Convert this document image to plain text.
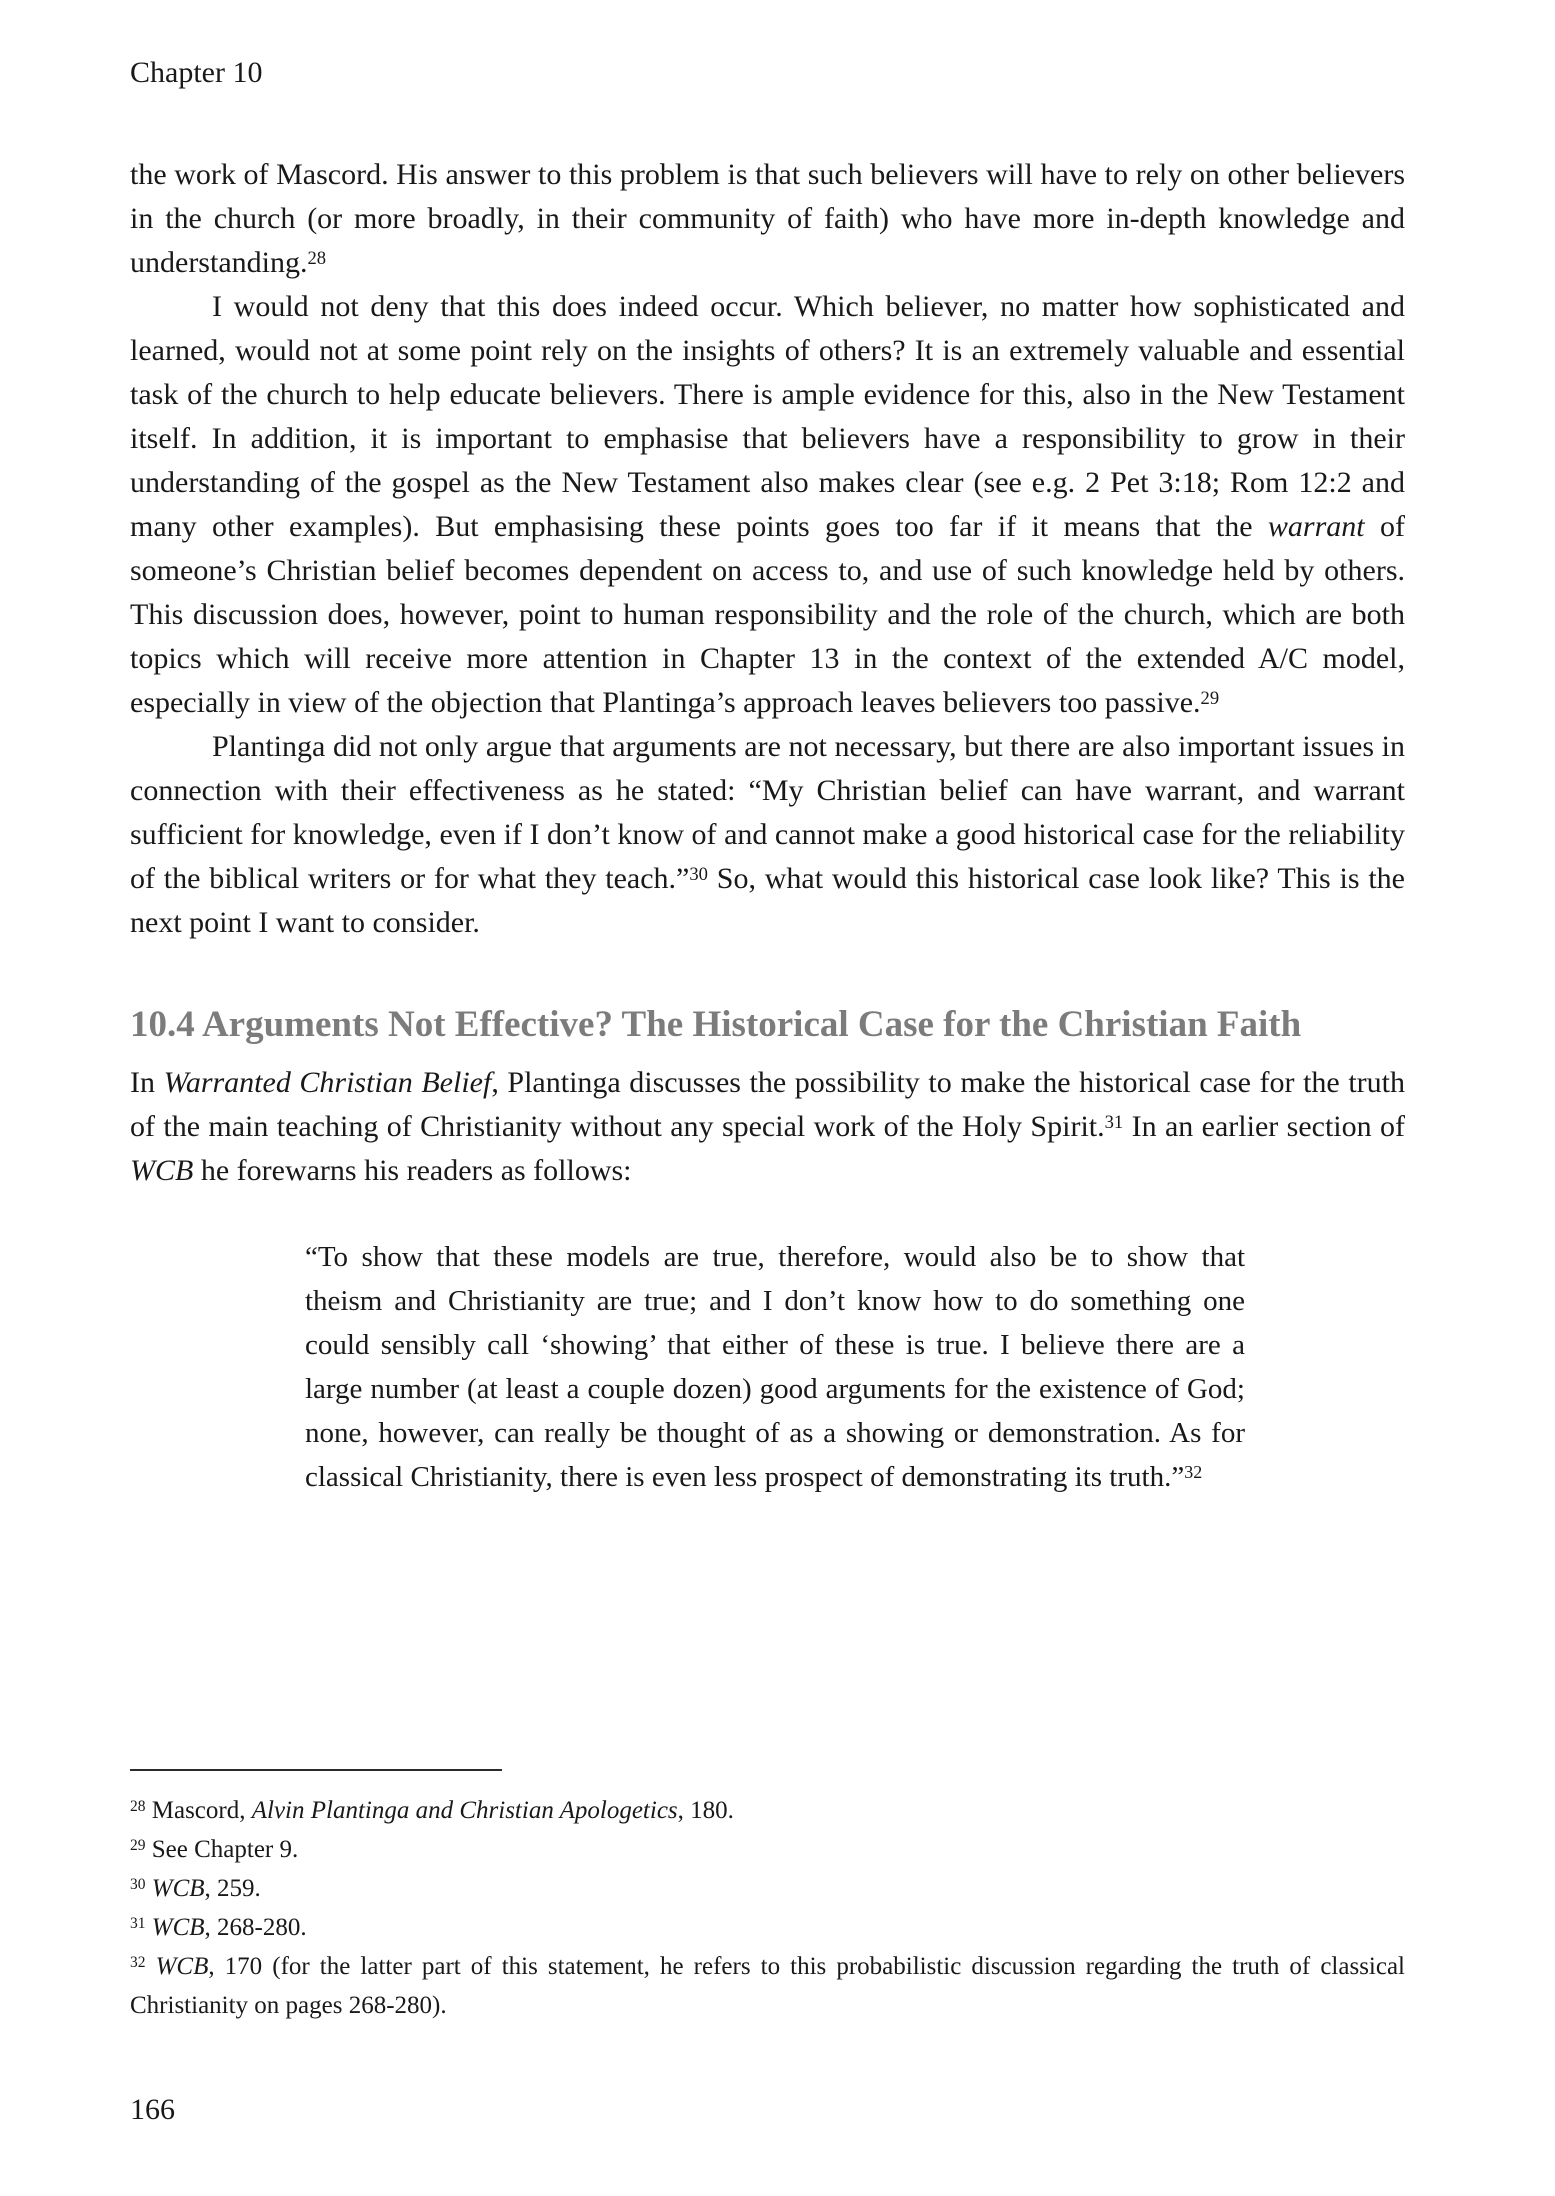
Chapter 10

the work of Mascord. His answer to this problem is that such believers will have to rely on other believers in the church (or more broadly, in their community of faith) who have more in-depth knowledge and understanding.$^{28}$

I would not deny that this does indeed occur. Which believer, no matter how sophisticated and learned, would not at some point rely on the insights of others? It is an extremely valuable and essential task of the church to help educate believers. There is ample evidence for this, also in the New Testament itself. In addition, it is important to emphasise that believers have a responsibility to grow in their understanding of the gospel as the New Testament also makes clear (see e.g. 2 Pet 3:18; Rom 12:2 and many other examples). But emphasising these points goes too far if it means that the warrant of someone’s Christian belief becomes dependent on access to, and use of such knowledge held by others. This discussion does, however, point to human responsibility and the role of the church, which are both topics which will receive more attention in Chapter 13 in the context of the extended A/C model, especially in view of the objection that Plantinga’s approach leaves believers too passive.$^{29}$

Plantinga did not only argue that arguments are not necessary, but there are also important issues in connection with their effectiveness as he stated: “My Christian belief can have warrant, and warrant sufficient for knowledge, even if I don’t know of and cannot make a good historical case for the reliability of the biblical writers or for what they teach.”$^{30}$ So, what would this historical case look like? This is the next point I want to consider.

10.4 Arguments Not Effective? The Historical Case for the Christian Faith

In Warranted Christian Belief, Plantinga discusses the possibility to make the historical case for the truth of the main teaching of Christianity without any special work of the Holy Spirit.$^{31}$ In an earlier section of WCB he forewarns his readers as follows:

“To show that these models are true, therefore, would also be to show that theism and Christianity are true; and I don’t know how to do something one could sensibly call ‘showing’ that either of these is true. I believe there are a large number (at least a couple dozen) good arguments for the existence of God; none, however, can really be thought of as a showing or demonstration. As for classical Christianity, there is even less prospect of demonstrating its truth.”$^{32}$
$^{28}$ Mascord, Alvin Plantinga and Christian Apologetics, 180.
$^{29}$ See Chapter 9.
$^{30}$ WCB, 259.
$^{31}$ WCB, 268-280.
$^{32}$ WCB, 170 (for the latter part of this statement, he refers to this probabilistic discussion regarding the truth of classical Christianity on pages 268-280).
166
